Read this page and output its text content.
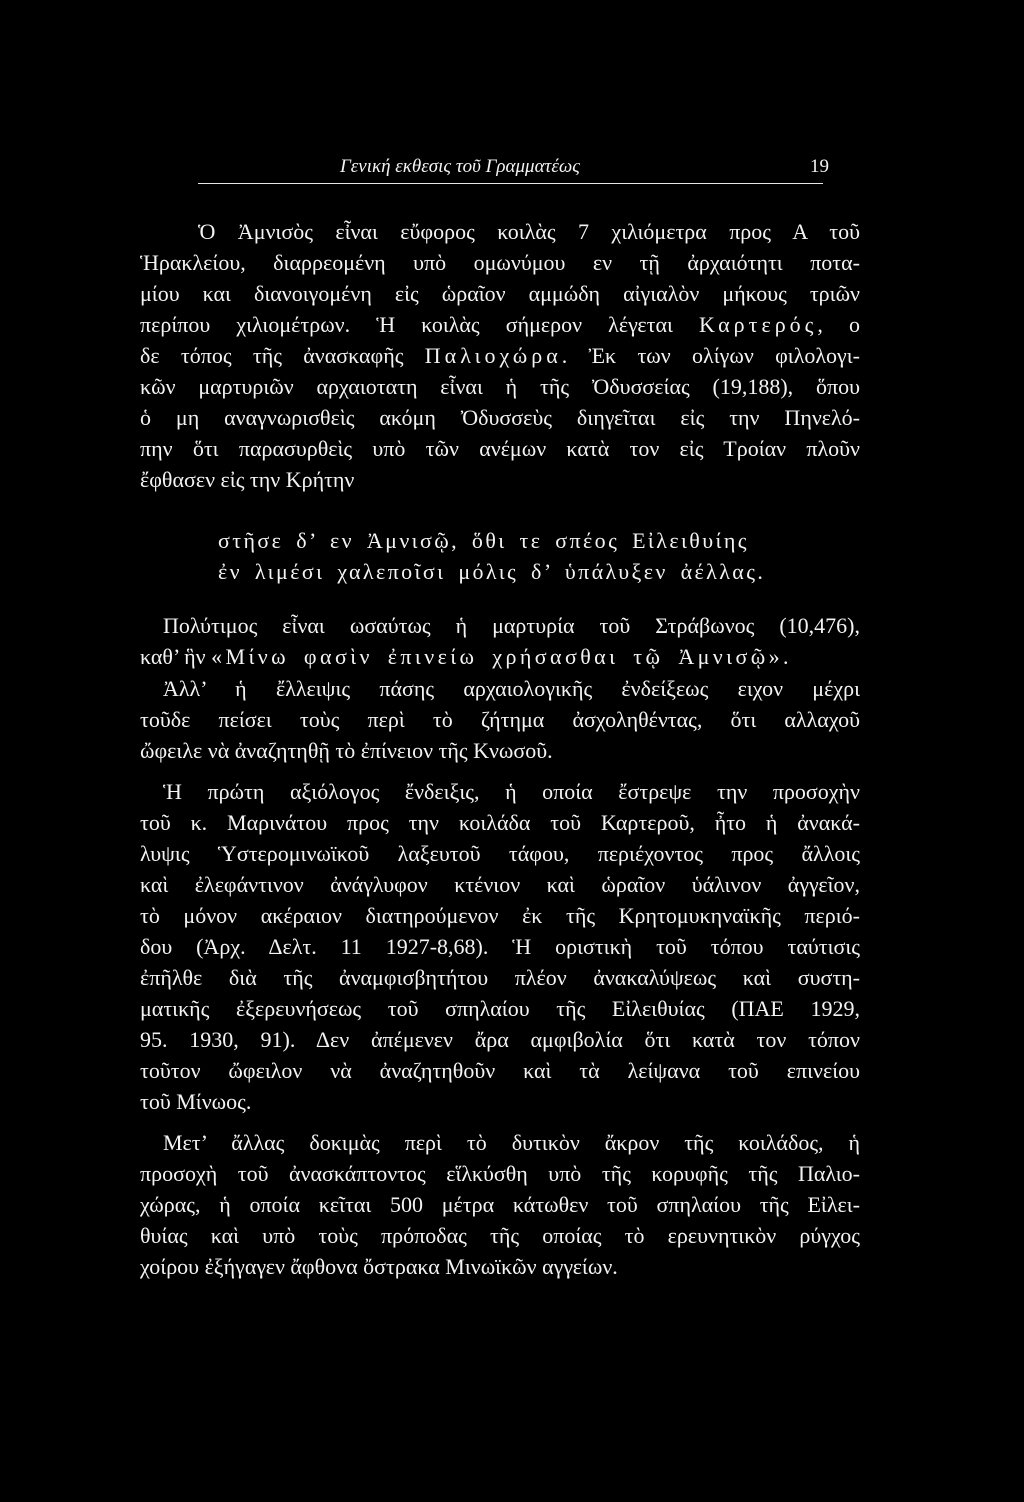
Γενική εκθεσις τοῦ Γραμματέως	19
Ὁ Ἀμνισὸς εἶναι εὔφορος κοιλὰς 7 χιλιόμετρα προς Α τοῦ
Ἡρακλείου, διαρρεομένη υπὸ ομωνύμου εν τῇ ἀρχαιότητι ποτα-
μίου και διανοιγομένη εἰς ὡραῖον αμμώδη αἰγιαλὸν μήκους τριῶν
περίπου χιλιομέτρων. Ἡ κοιλὰς σήμερον λέγεται Καρτερός, ο
δε τόπος τῆς ἀνασκαφῆς Παλιοχώρα. Ἐκ των ολίγων φιλολογι-
κῶν μαρτυριῶν αρχαιοτατη εἶναι ἡ τῆς Ὀδυσσείας (19,188), ὅπου
ὁ μη αναγνωρισθεὶς ακόμη Ὀδυσσεὺς διηγεῖται εἰς την Πηνελό-
πην ὅτι παρασυρθεὶς υπὸ τῶν ανέμων κατὰ τον εἰς Τροίαν πλοῦν
ἔφθασεν εἰς την Κρήτην
στῆσε δ’ εν Ἀμνισῷ, ὅθι τε σπέος Εἰλειθυίης
ἐν λιμέσι χαλεποῖσι μόλις δ’ ὑπάλυξεν ἀέλλας.
Πολύτιμος εἶναι ωσαύτως ἡ μαρτυρία τοῦ Στράβωνος (10,476),
καθ’ ἣν «Μίνω φασὶν ἐπινείω χρήσασθαι τῷ Ἀμνισῷ».
Ἀλλ’ ἡ ἔλλειψις πάσης αρχαιολογικῆς ἐνδείξεως ειχον μέχρι
τοῦδε πείσει τοὺς περὶ τὸ ζήτημα ἀσχοληθέντας, ὅτι αλλαχοῦ
ὤφειλε νὰ ἀναζητηθῇ τὸ ἐπίνειον τῆς Κνωσοῦ.
Ἡ πρώτη αξιόλογος ἔνδειξις, ἡ οποία ἔστρεψε την προσοχὴν
τοῦ κ. Μαρινάτου προς την κοιλάδα τοῦ Καρτεροῦ, ἦτο ἡ ἀνακά-
λυψις Ὑστερομινωϊκοῦ λαξευτοῦ τάφου, περιέχοντος προς ἄλλοις
καὶ ἐλεφάντινον ἀνάγλυφον κτένιον καὶ ὡραῖον ὑάλινον ἀγγεῖον,
τὸ μόνον ακέραιον διατηρούμενον ἐκ τῆς Κρητομυκηναϊκῆς περιό-
δου (Ἀρχ. Δελτ. 11 1927-8,68). Ἡ οριστικὴ τοῦ τόπου ταύτισις
ἐπῆλθε διὰ τῆς ἀναμφισβητήτου πλέον ἀνακαλύψεως καὶ συστη-
ματικῆς ἐξερευνήσεως τοῦ σπηλαίου τῆς Εἰλειθυίας (ΠΑΕ 1929,
95. 1930, 91). Δεν ἀπέμενεν ἄρα αμφιβολία ὅτι κατὰ τον τόπον
τοῦτον ὤφειλον νὰ ἀναζητηθοῦν καὶ τὰ λείψανα τοῦ επινείου
τοῦ Μίνωος.
Μετ’ ἄλλας δοκιμὰς περὶ τὸ δυτικὸν ἄκρον τῆς κοιλάδος, ἡ
προσοχὴ τοῦ ἀνασκάπτοντος εἵλκύσθη υπὸ τῆς κορυφῆς τῆς Παλιο-
χώρας, ἡ οποία κεῖται 500 μέτρα κάτωθεν τοῦ σπηλαίου τῆς Εἰλει-
θυίας καὶ υπὸ τοὺς πρόποδας τῆς οποίας τὸ ερευνητικὸν ρύγχος
χοίρου ἐξήγαγεν ἄφθονα ὄστρακα Μινωϊκῶν αγγείων.
